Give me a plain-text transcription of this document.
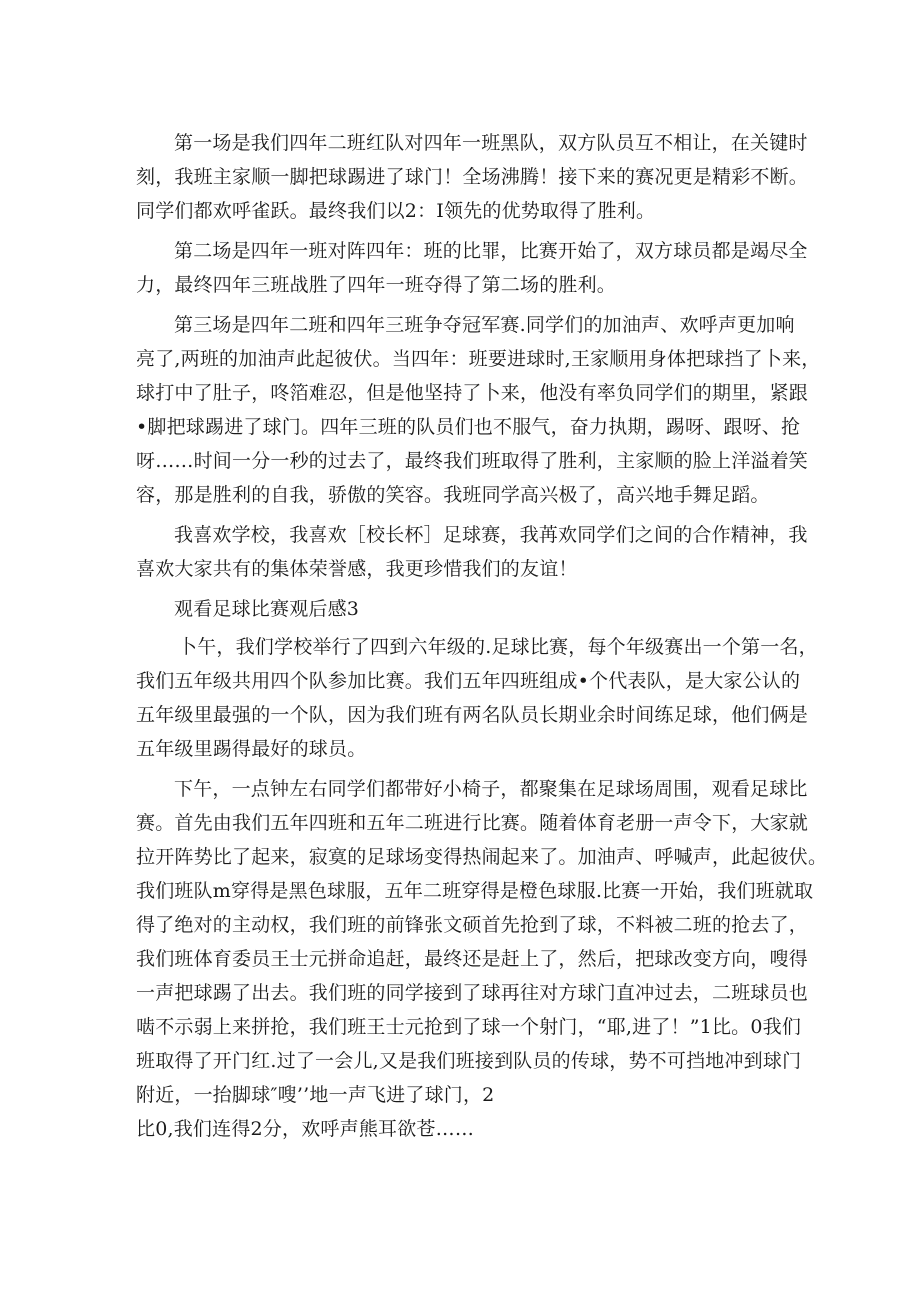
第一场是我们四年二班红队对四年一班黑队，双方队员互不相让，在关键时
刻，我班主家顺一脚把球踢进了球门！全场沸腾！接下来的赛况更是精彩不断。
同学们都欢呼雀跃。最终我们以2：I领先的优势取得了胜利。
第二场是四年一班对阵四年：班的比罪，比赛开始了，双方球员都是竭尽全
力，最终四年三班战胜了四年一班夺得了第二场的胜利。
第三场是四年二班和四年三班争夺冠军赛.同学们的加油声、欢呼声更加响
亮了,两班的加油声此起彼伏。当四年：班要进球时,王家顺用身体把球挡了卜来，
球打中了肚子，咚箔难忍，但是他坚持了卜来，他没有率负同学们的期里，紧跟
•脚把球踢进了球门。四年三班的队员们也不服气，奋力执期，踢呀、跟呀、抢
呀……时间一分一秒的过去了，最终我们班取得了胜利，主家顺的脸上洋溢着笑
容，那是胜利的自我，骄傲的笑容。我班同学高兴极了，高兴地手舞足蹈。
我喜欢学校，我喜欢［校长杯］足球赛，我苒欢同学们之间的合作精神，我
喜欢大家共有的集体荣誉感，我更珍惜我们的友谊！
观看足球比赛观后感3
卜午，我们学校举行了四到六年级的.足球比赛，每个年级赛出一个第一名，
我们五年级共用四个队参加比赛。我们五年四班组成•个代表队，是大家公认的
五年级里最强的一个队，因为我们班有两名队员长期业余时间练足球，他们俩是
五年级里踢得最好的球员。
下午，一点钟左右同学们都带好小椅子，都聚集在足球场周围，观看足球比
赛。首先由我们五年四班和五年二班进行比赛。随着体育老册一声令下，大家就
拉开阵势比了起来，寂寞的足球场变得热闹起来了。加油声、呼喊声，此起彼伏。
我们班队m穿得是黑色球服，五年二班穿得是橙色球服.比赛一开始，我们班就取
得了绝对的主动权，我们班的前锋张文硕首先抢到了球，不料被二班的抢去了，
我们班体育委员王士元拼命追赶，最终还是赶上了，然后，把球改变方向，嗖得
一声把球踢了出去。我们班的同学接到了球再往对方球门直冲过去，二班球员也
啮不示弱上来拼抢，我们班王士元抢到了球一个射门，“耶,进了！”1比。0我们
班取得了开门红.过了一会儿,又是我们班接到队员的传球，势不可挡地冲到球门
附近，一抬脚球″嗖’’地一声飞进了球门，2
比0,我们连得2分，欢呼声熊耳欲苍……
